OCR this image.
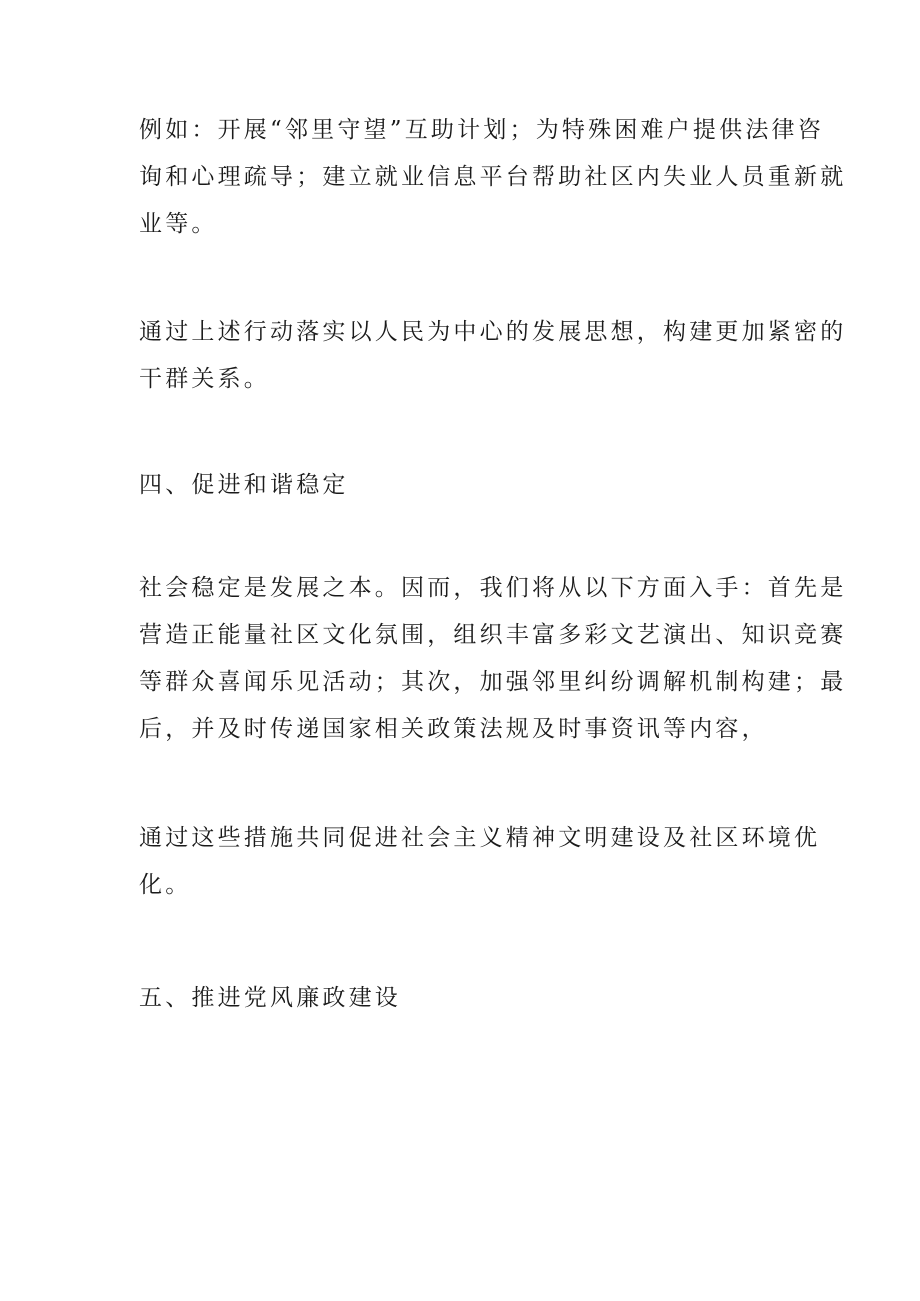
例如：开展“邻里守望”互助计划；为特殊困难户提供法律咨
询和心理疏导；建立就业信息平台帮助社区内失业人员重新就
业等。

通过上述行动落实以人民为中心的发展思想，构建更加紧密的
干群关系。

四、促进和谐稳定

社会稳定是发展之本。因而，我们将从以下方面入手：首先是
营造正能量社区文化氛围，组织丰富多彩文艺演出、知识竞赛
等群众喜闻乐见活动；其次，加强邻里纠纷调解机制构建；最
后，并及时传递国家相关政策法规及时事资讯等内容，

通过这些措施共同促进社会主义精神文明建设及社区环境优
化。

五、推进党风廉政建设
